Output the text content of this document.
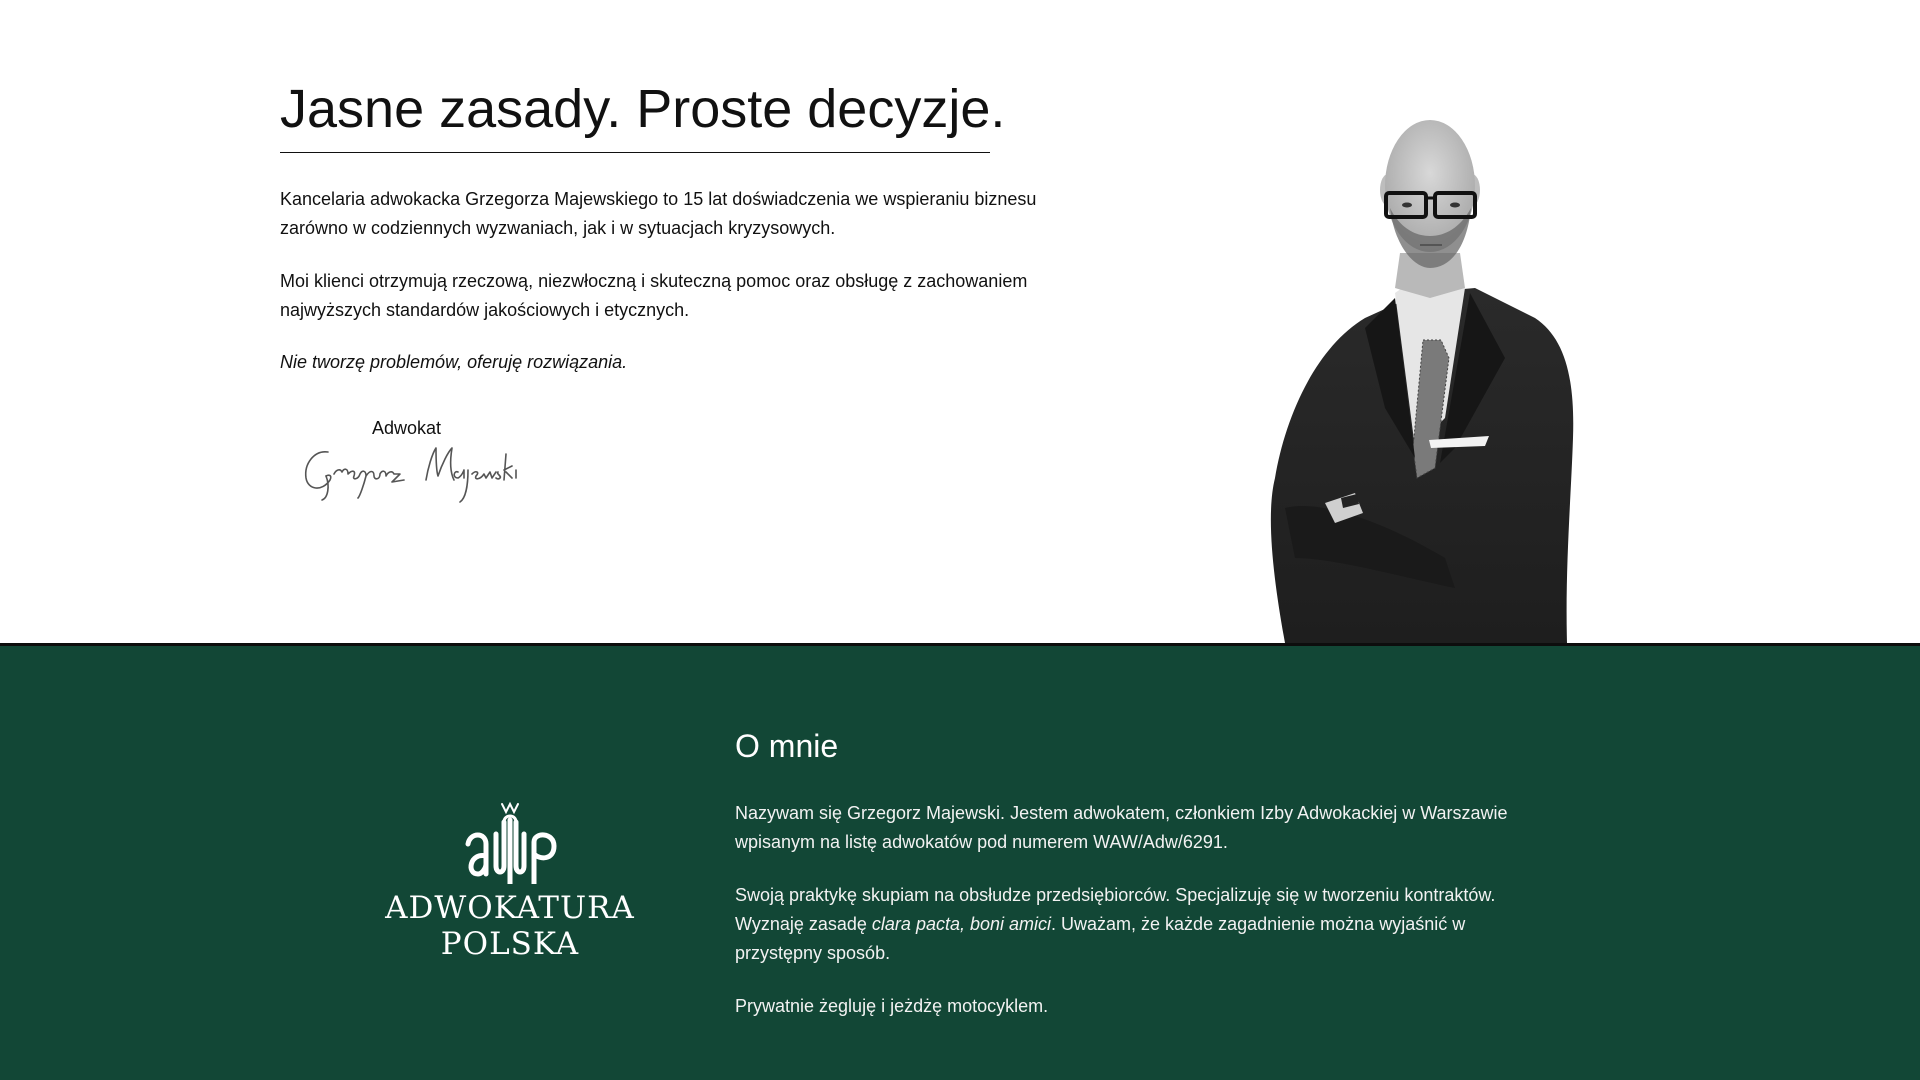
Jasne zasady. Proste decyzje.

Kancelaria adwokacka Grzegorza Majewskiego to 15 lat doświadczenia we wspieraniu biznesu zarówno w codziennych wyzwaniach, jak i w sytuacjach kryzysowych.

Moi klienci otrzymują rzeczową, niezwłoczną i skuteczną pomoc oraz obsługę z zachowaniem najwyższych standardów jakościowych i etycznych.

Nie tworzę problemów, oferuję rozwiązania.

Adwokat
ADWOKATURA
POLSKA
O mnie

Nazywam się Grzegorz Majewski. Jestem adwokatem, członkiem Izby Adwokackiej w Warszawie wpisanym na listę adwokatów pod numerem WAW/Adw/6291.

Swoją praktykę skupiam na obsłudze przedsiębiorców. Specjalizuję się w tworzeniu kontraktów. Wyznaję zasadę clara pacta, boni amici. Uważam, że każde zagadnienie można wyjaśnić w przystępny sposób.

Prywatnie żegluję i jeżdżę motocyklem.
